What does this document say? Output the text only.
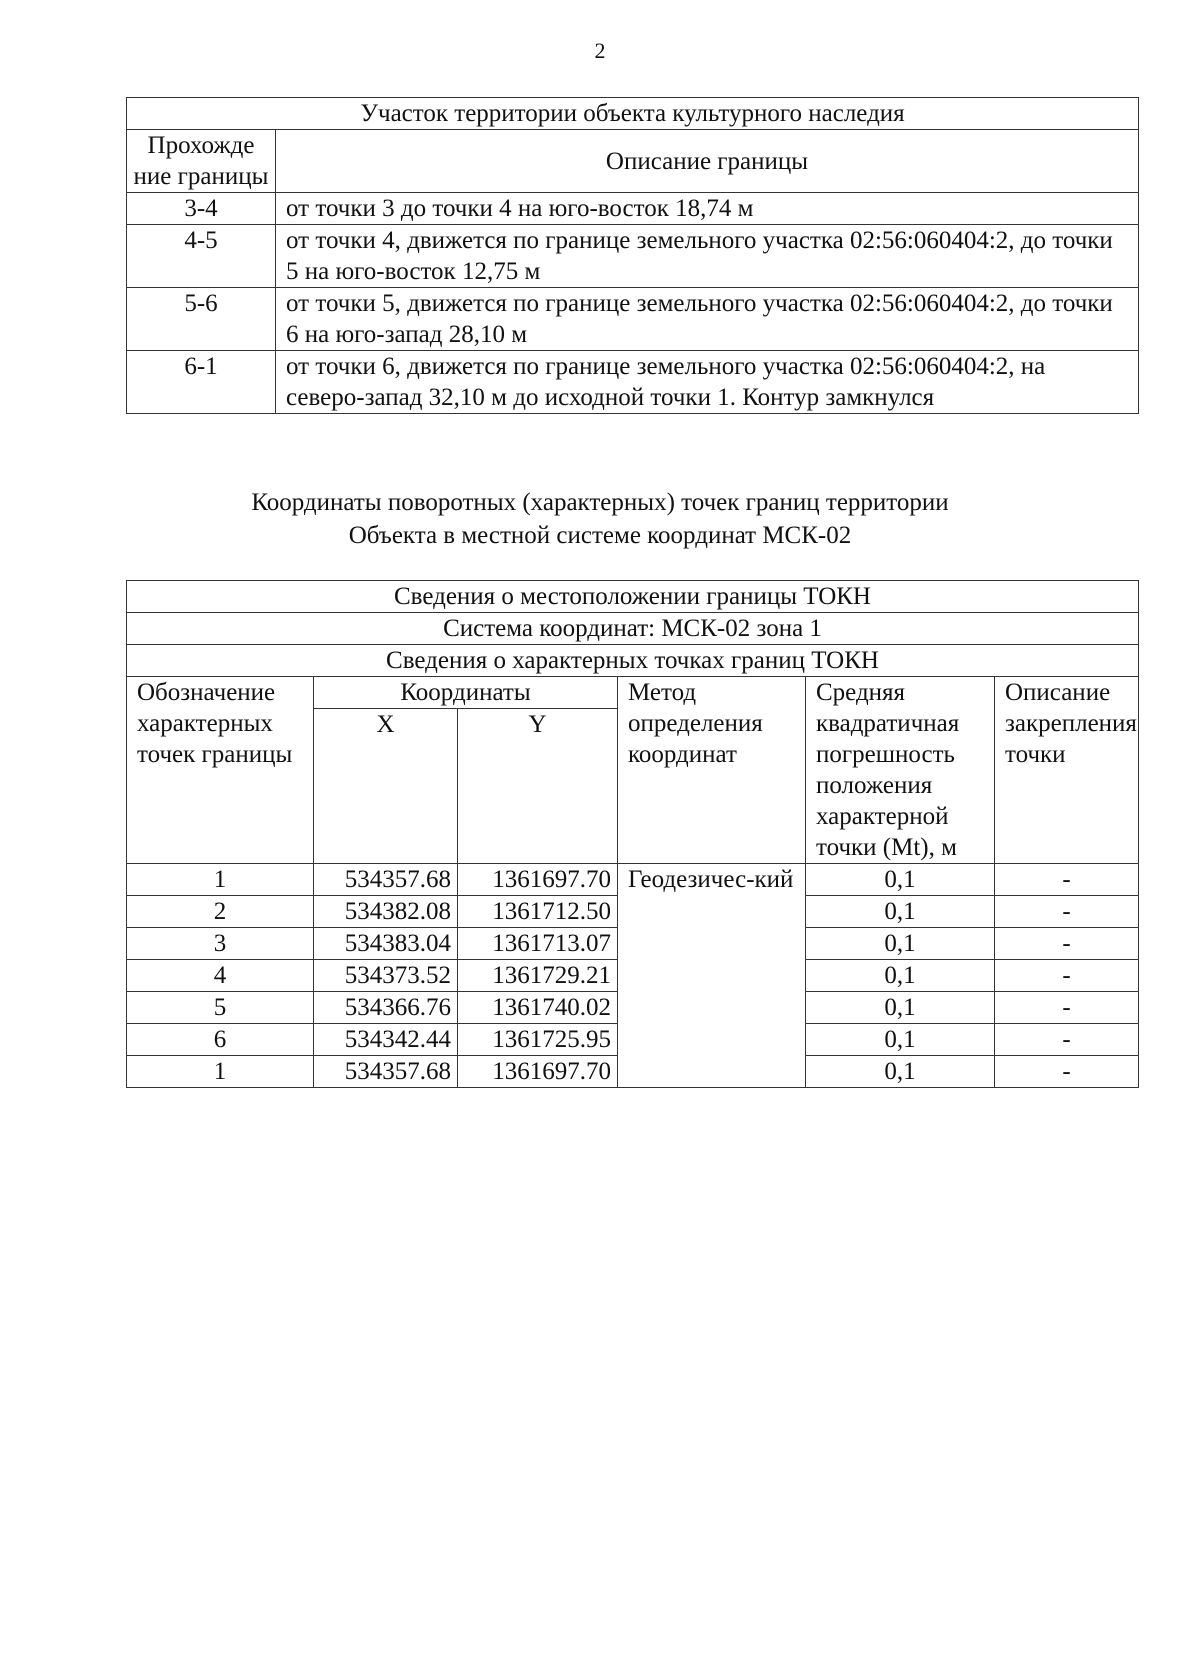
2
Участок территории объекта культурного наследия	
Прохожде ние границы	Описание границы
3-4	от точки 3 до точки 4 на юго-восток 18,74 м
4-5	от точки 4, движется по границе земельного участка 02:56:060404:2, до точки 5 на юго-восток 12,75 м
5-6	от точки 5, движется по границе земельного участка 02:56:060404:2, до точки 6 на юго-запад 28,10 м
6-1	от точки 6, движется по границе земельного участка 02:56:060404:2, на северо-запад 32,10 м до исходной точки 1. Контур замкнулся
Координаты поворотных (характерных) точек границ территории
Объекта в местной системе координат МСК-02
Сведения о местоположении границы ТОКН					
Система координат: МСК-02 зона 1					
Сведения о характерных точках границ ТОКН					
Обозначение характерных точек границы	Координаты		Метод определения координат	Средняя квадратичная погрешность положения характерной точки (Mt), м	Описание закрепления точки
	X	Y			
1	534357.68	1361697.70	Геодезичес-кий	0,1	-
2	534382.08	1361712.50		0,1	-
3	534383.04	1361713.07		0,1	-
4	534373.52	1361729.21		0,1	-
5	534366.76	1361740.02		0,1	-
6	534342.44	1361725.95		0,1	-
1	534357.68	1361697.70		0,1	-
